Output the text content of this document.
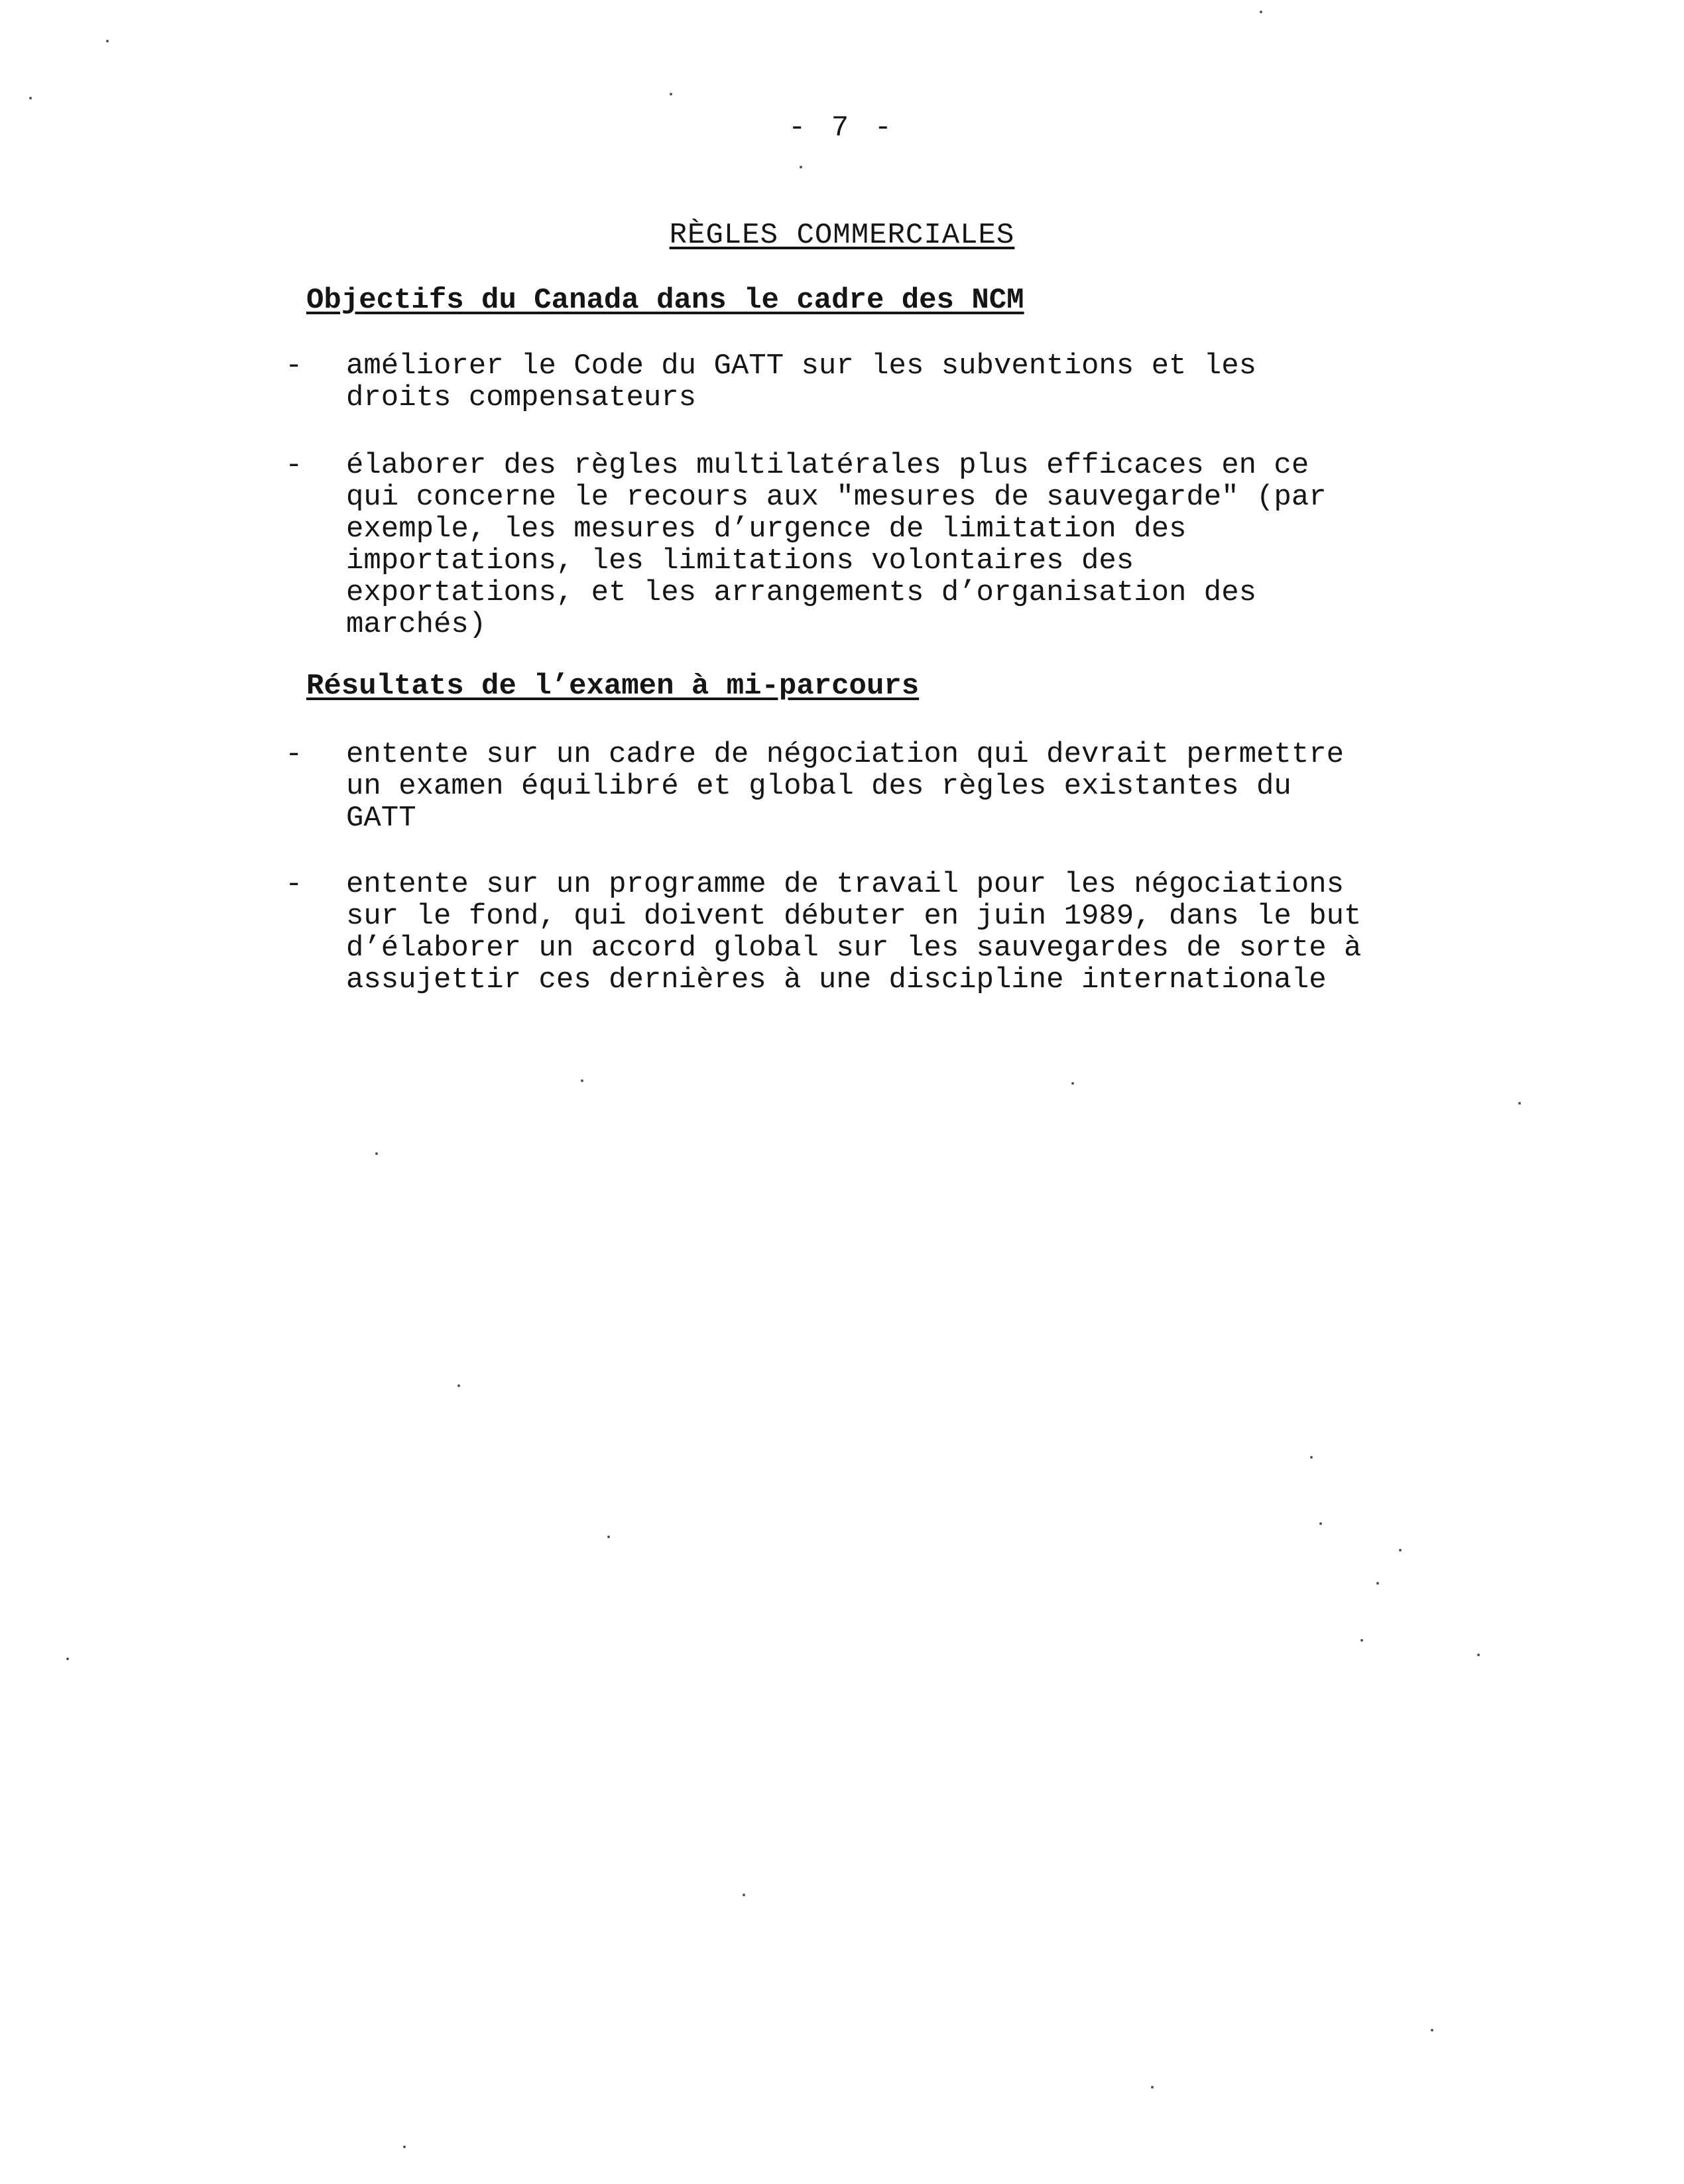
- 7 -
RÈGLES COMMERCIALES
Objectifs du Canada dans le cadre des NCM
- améliorer le Code du GATT sur les subventions et les
droits compensateurs
- élaborer des règles multilatérales plus efficaces en ce
qui concerne le recours aux "mesures de sauvegarde" (par
exemple, les mesures d’urgence de limitation des
importations, les limitations volontaires des
exportations, et les arrangements d’organisation des
marchés)
Résultats de l’examen à mi-parcours
- entente sur un cadre de négociation qui devrait permettre
un examen équilibré et global des règles existantes du
GATT
- entente sur un programme de travail pour les négociations
sur le fond, qui doivent débuter en juin 1989, dans le but
d’élaborer un accord global sur les sauvegardes de sorte à
assujettir ces dernières à une discipline internationale
